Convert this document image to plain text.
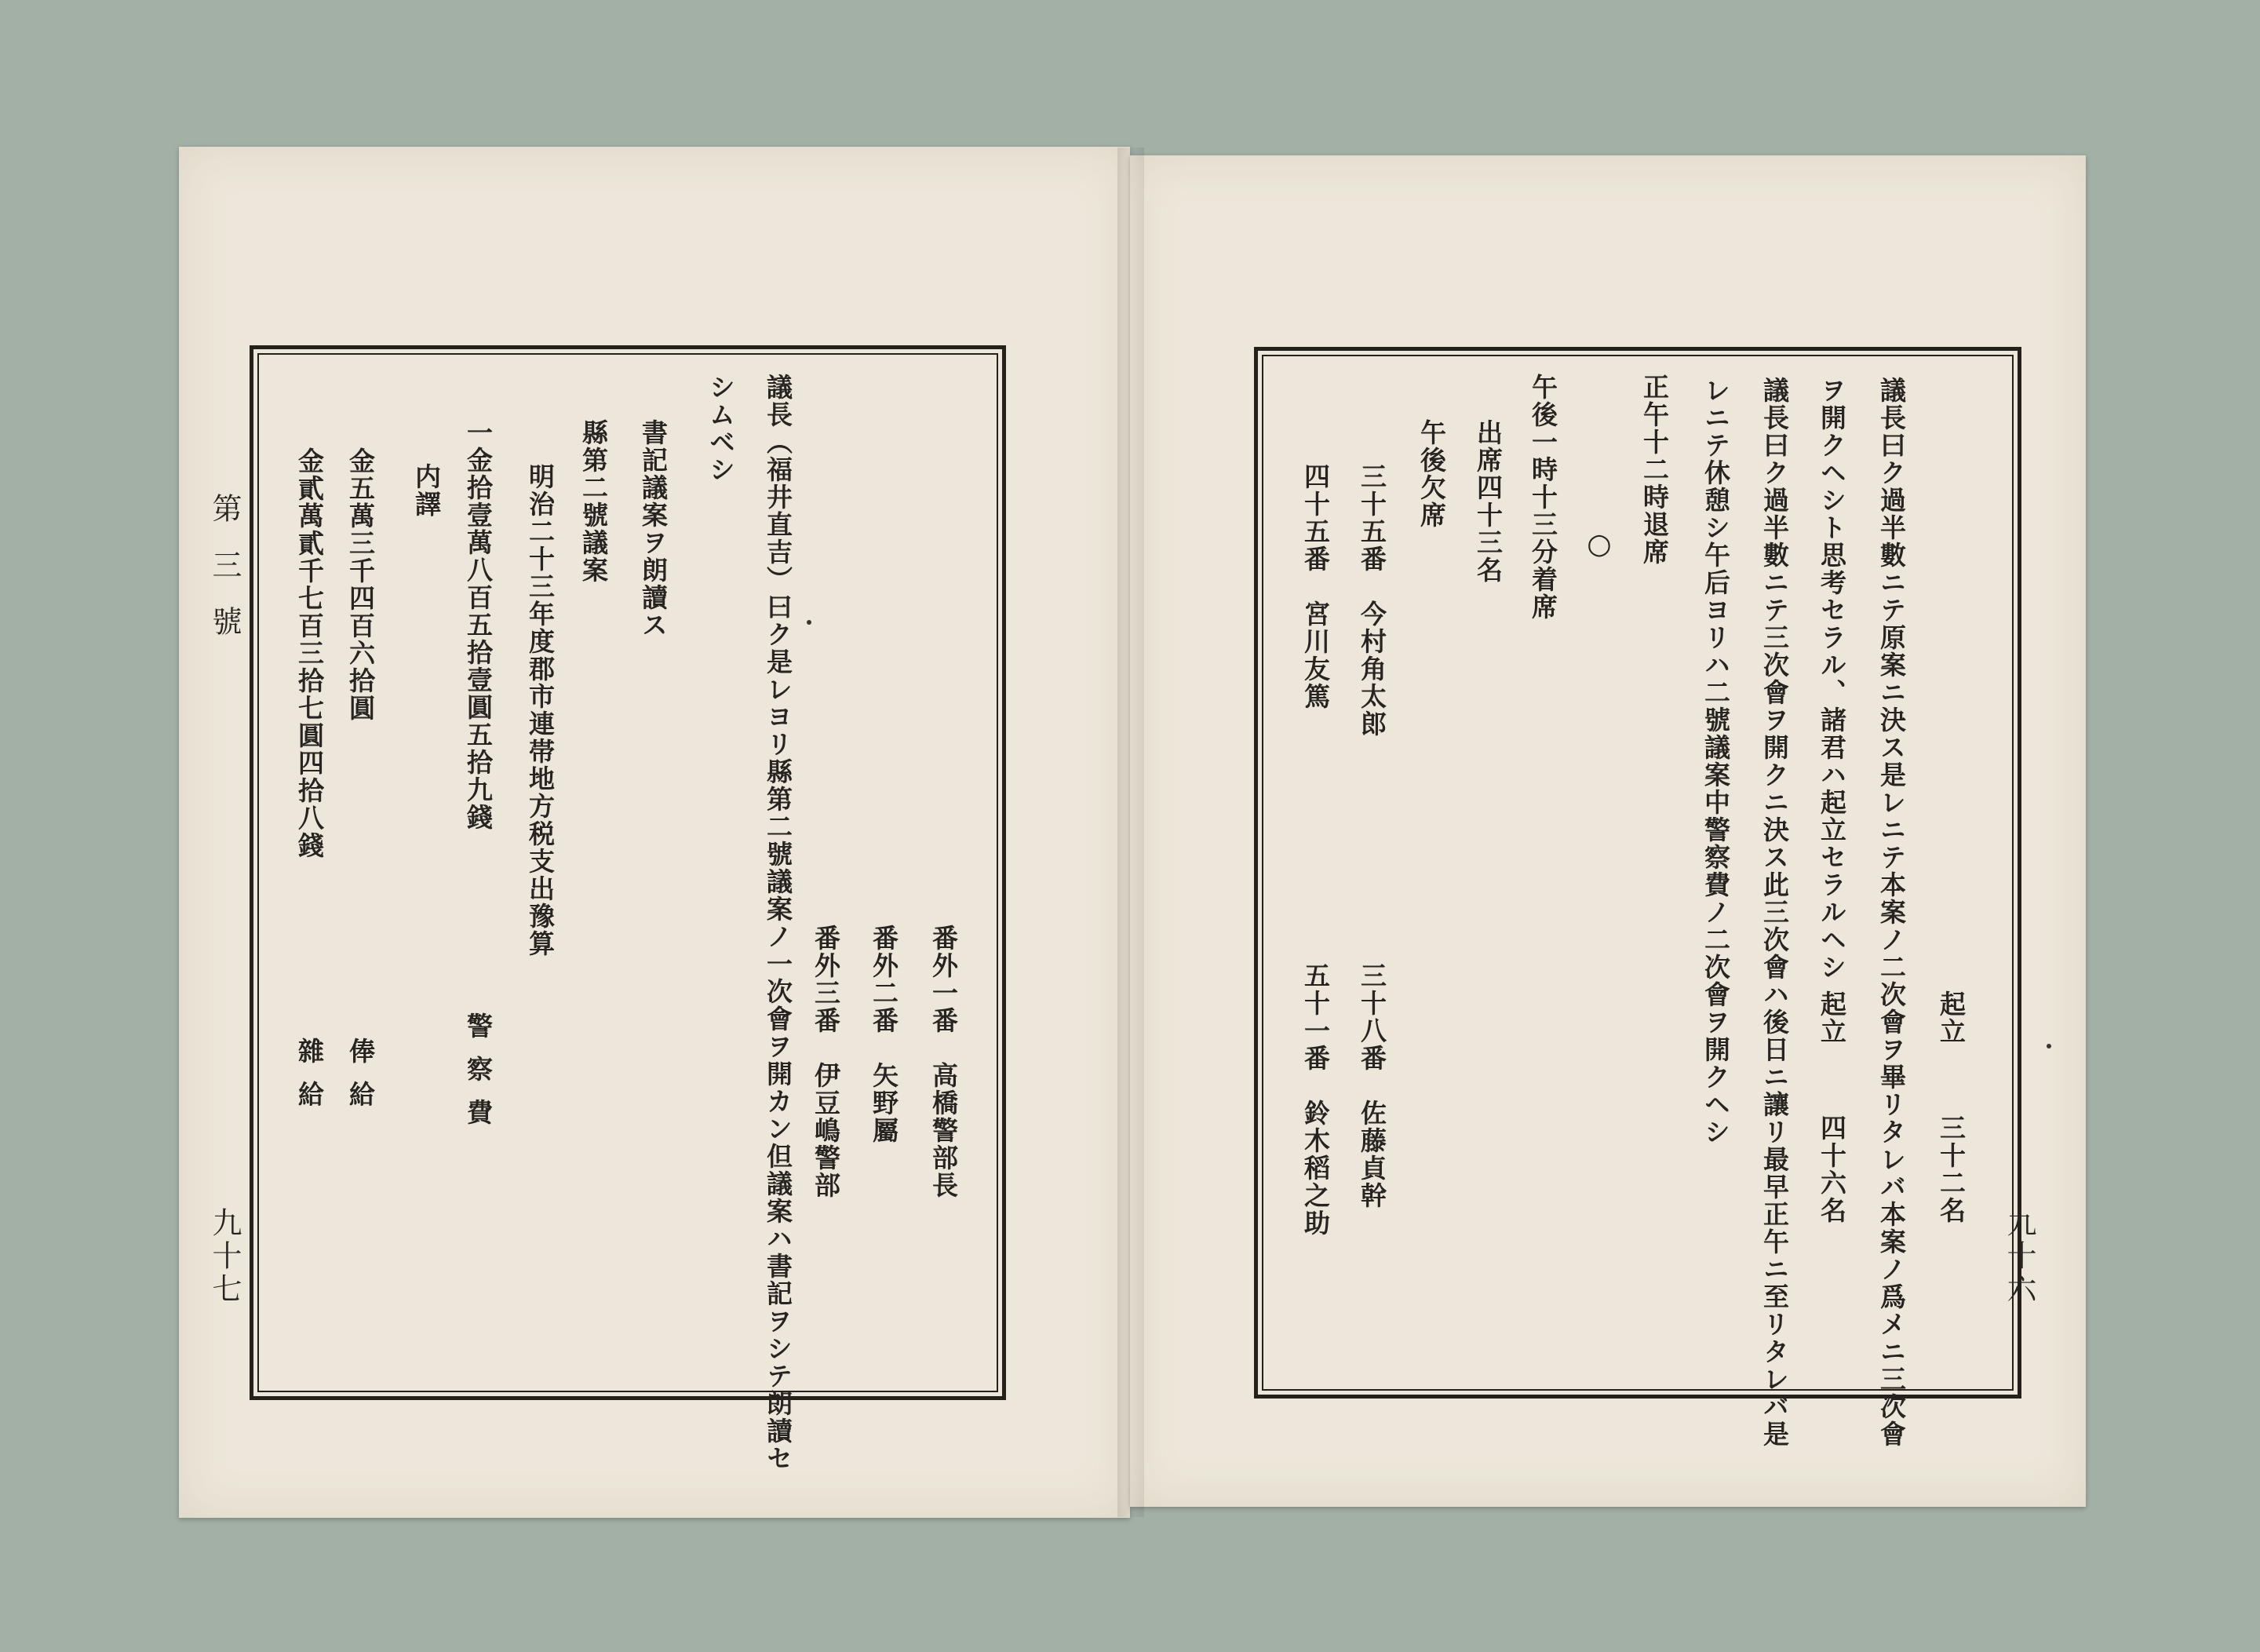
第三號
九十七
番外一番　高橋警部長
番外二番　矢野屬
番外三番　伊豆嶋警部
議長（福井直吉）曰ク是レヨリ縣第二號議案ノ一次會ヲ開カン但議案ハ書記ヲシテ朗讀セ
シムベシ
書記議案ヲ朗讀ス
縣第二號議案
明治二十三年度郡市連帯地方税支出豫算
一金拾壹萬八百五拾壹圓五拾九錢
警察費
内譯
金五萬三千四百六拾圓
俸給
金貳萬貳千七百三拾七圓四拾八錢
雜給
九十六
起立
三十二名
議長曰ク過半數ニテ原案ニ決ス是レニテ本案ノ二次會ヲ畢リタレバ本案ノ爲メニ三次會
ヲ開クヘシト思考セラル、諸君ハ起立セラルヘシ
起立
四十六名
議長曰ク過半數ニテ三次會ヲ開クニ決ス此三次會ハ後日ニ讓リ最早正午ニ至リタレバ是
レニテ休憩シ午后ヨリハ二號議案中警察費ノ二次會ヲ開クヘシ
正午十二時退席
○
午後一時十三分着席
出席四十三名
午後欠席
三十五番　今村角太郎
三十八番　佐藤貞幹
四十五番　宮川友篤
五十一番　鈴木稻之助
